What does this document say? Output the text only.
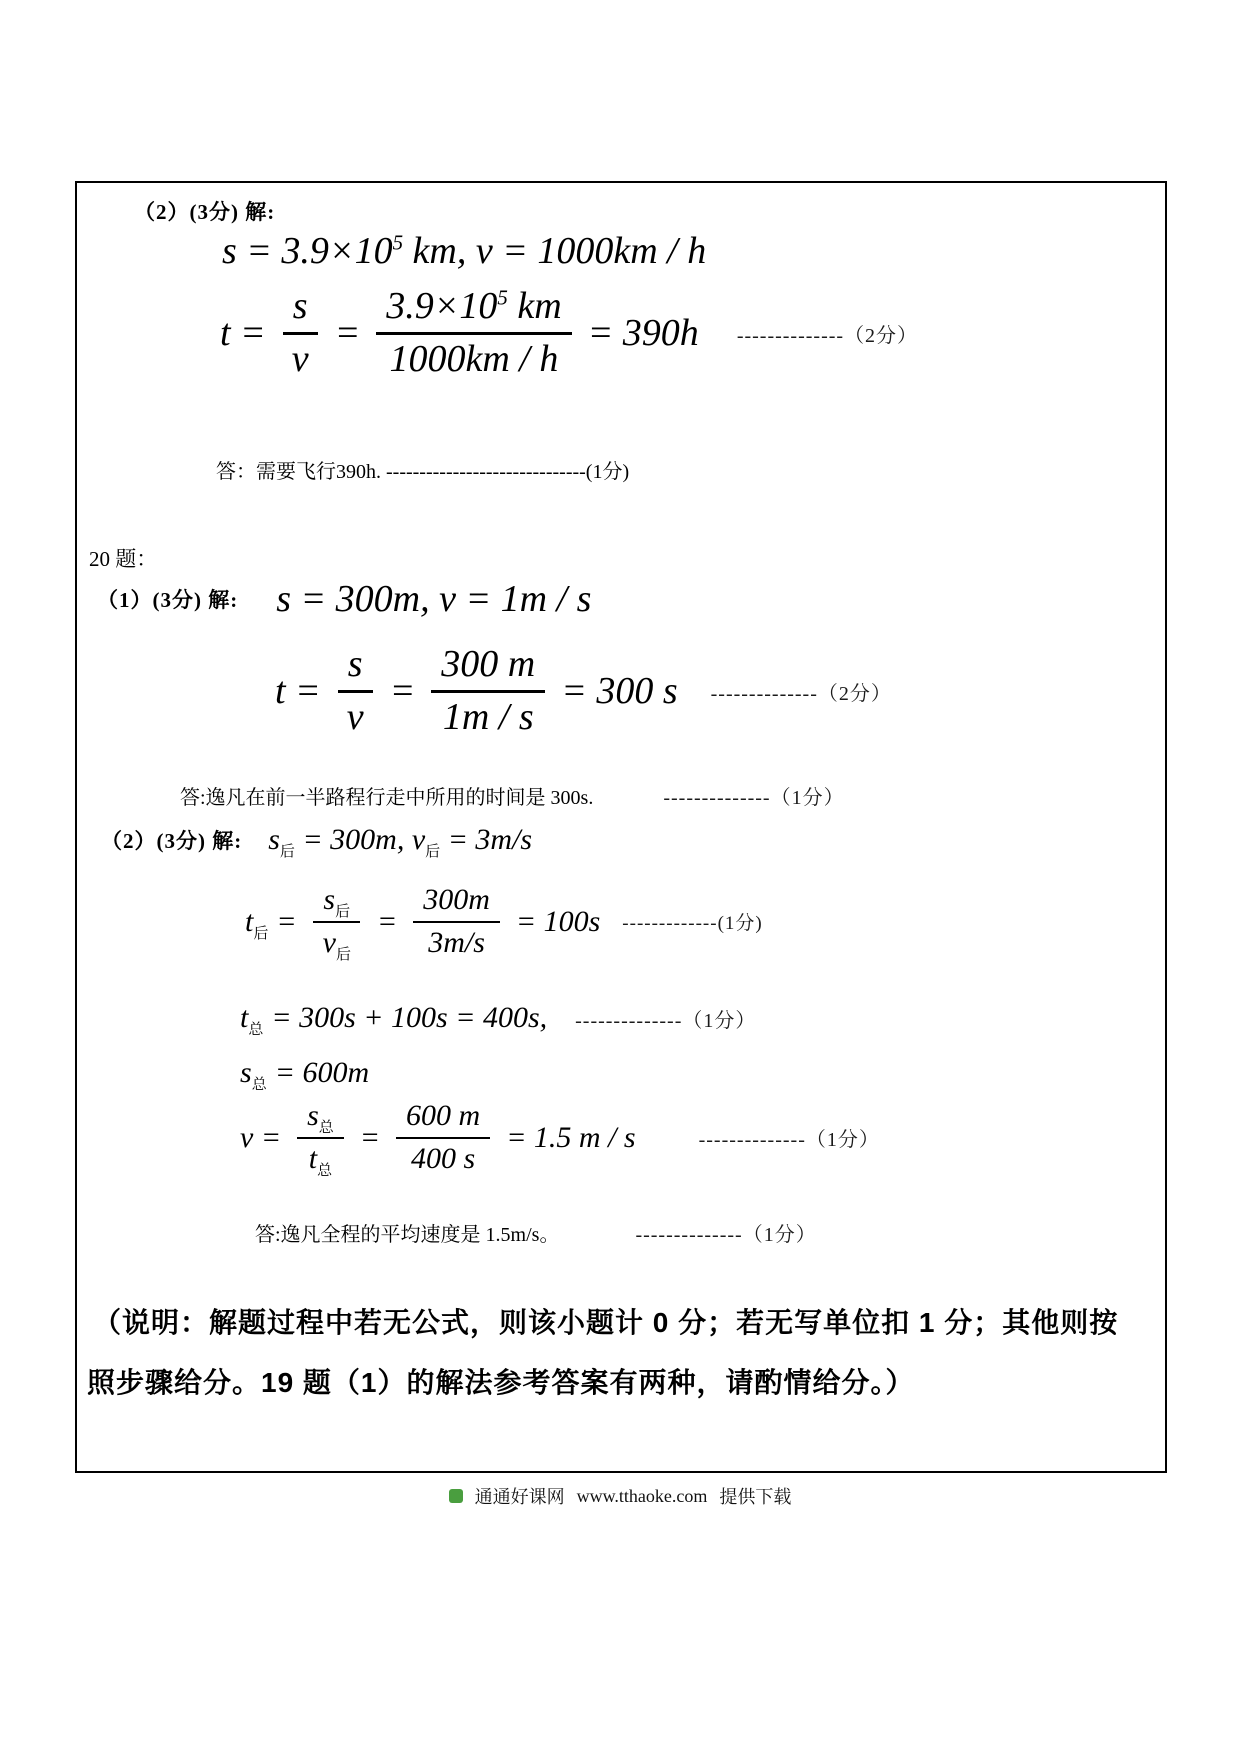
（2）(3分) 解:
$s = 3.9\times 10^5$ km, v = 1000km / h
$t = \frac{s}{v} = \frac{3.9\times 10^5 km}{1000km / h} = 390h$ --------------（2分）
答：需要飞行390h. ------------------------------(1分)
20 题：
（1）(3分) 解: s = 300m, v = 1m / s
$t = \frac{s}{v} = \frac{300 m}{1m / s} = 300$ s --------------（2分）
答:逸凡在前一半路程行走中所用的时间是 300s.	--------------（1分）
（2）(3分) 解: $s_后 = 300m$, $v_后 = 3m/s$
$t_后 = \frac{s_后}{v_后} = \frac{300m}{3m/s} = 100s$ -------------(1分)
$t_总 = 300s + 100s = 400s$, --------------（1分）
$s_总 = 600m$
$v = \frac{s_总}{t_总} = \frac{600 m}{400 s} = 1.5$ m / s	--------------（1分）
答:逸凡全程的平均速度是 1.5m/s。	--------------（1分）
（说明：解题过程中若无公式，则该小题计 0 分；若无写单位扣 1 分；其他则按
照步骤给分。19 题（1）的解法参考答案有两种，请酌情给分。）
通通好课网 www.tthaoke.com 提供下载
